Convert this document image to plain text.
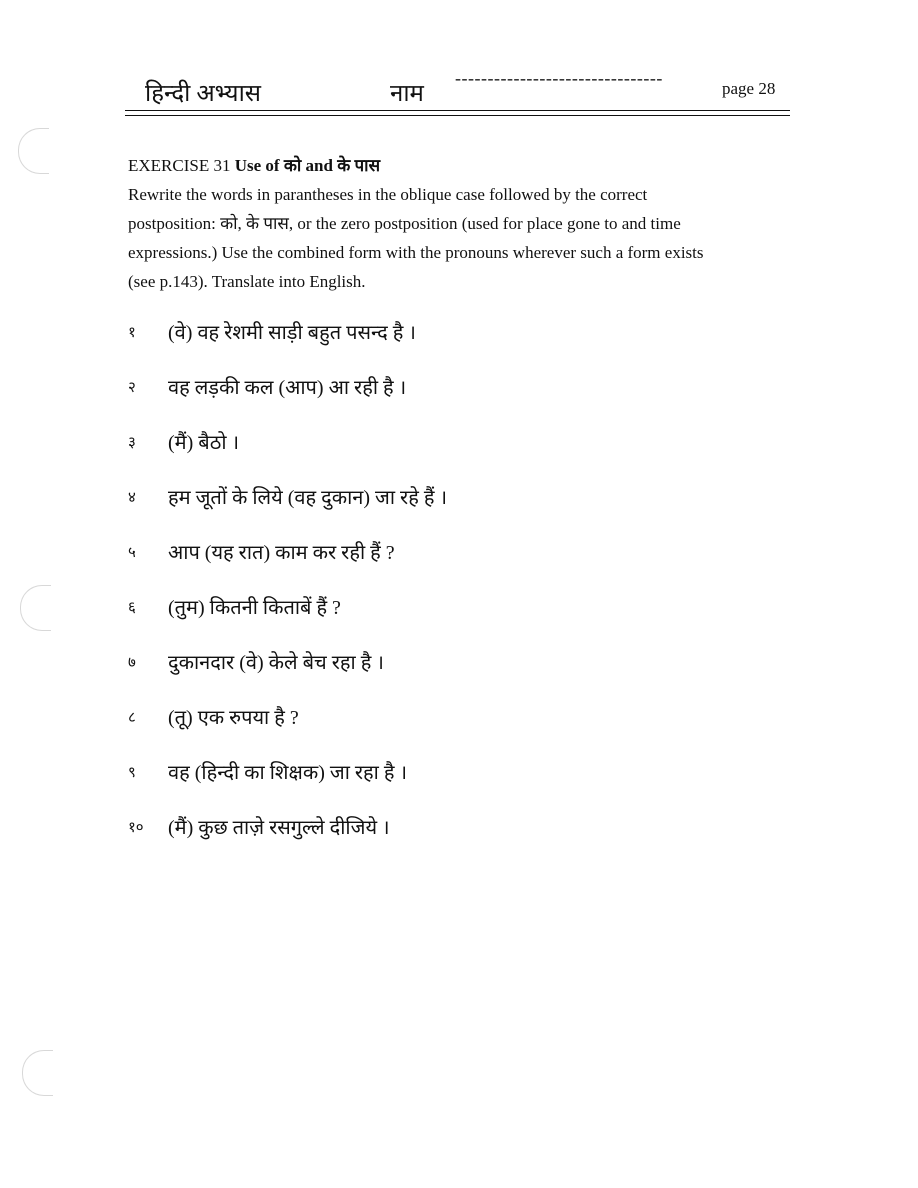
हिन्दी अभ्यास	नाम
--------------------------------
page 28
EXERCISE 31 Use of को and के पास

Rewrite the words in parantheses in the oblique case followed by the correct

postposition: को, के पास, or the zero postposition (used for place gone to and time

expressions.) Use the combined form with the pronouns wherever such a form exists

(see p.143). Translate into English.

१	(वे) वह रेशमी साड़ी बहुत पसन्द है ।
२	वह लड़की कल (आप) आ रही है ।
३	(मैं) बैठो ।
४	हम जूतों के लिये (वह दुकान) जा रहे हैं ।
५	आप (यह रात) काम कर रही हैं ?
६	(तुम) कितनी किताबें हैं ?
७	दुकानदार (वे) केले बेच रहा है ।
८	(तू) एक रुपया है ?
९	वह (हिन्दी का शिक्षक) जा रहा है ।
१०	(मैं) कुछ ताज़े रसगुल्ले दीजिये ।
